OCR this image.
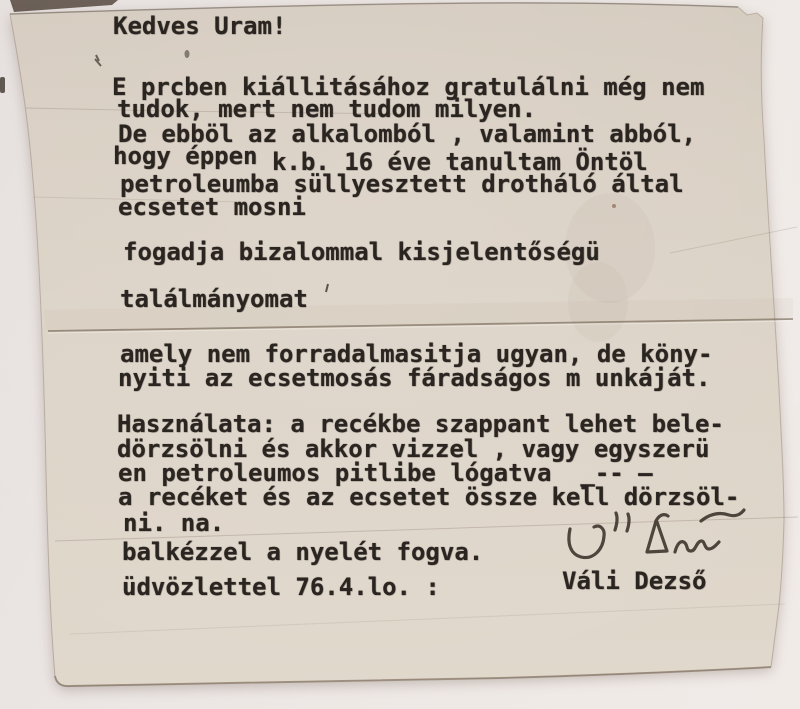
Kedves Uram!
E prcben kiállitásához gratulálni még nem
tudok, mert nem tudom milyen.
De ebböl az alkalomból , valamint abból,
hogy éppen k.b. 16 éve tanultam Öntöl
petroleumba süllyesztett drotháló által
ecsetet mosni
fogadja bizalommal kisjelentőségü
találmányomat
amely nem forradalmasitja ugyan, de köny-
nyiti az ecsetmosás fáradságos m unkáját.
Használata: a recékbe szappant lehet bele-
dörzsölni és akkor vizzel , vagy egyszerü
en petroleumos pitlibe lógatva  _-- —
a recéket és az ecsetet össze kell dörzsöl-
ni. na.
balkézzel a nyelét fogva.
üdvözlettel 76.4.lo. :	Váli Dezső
